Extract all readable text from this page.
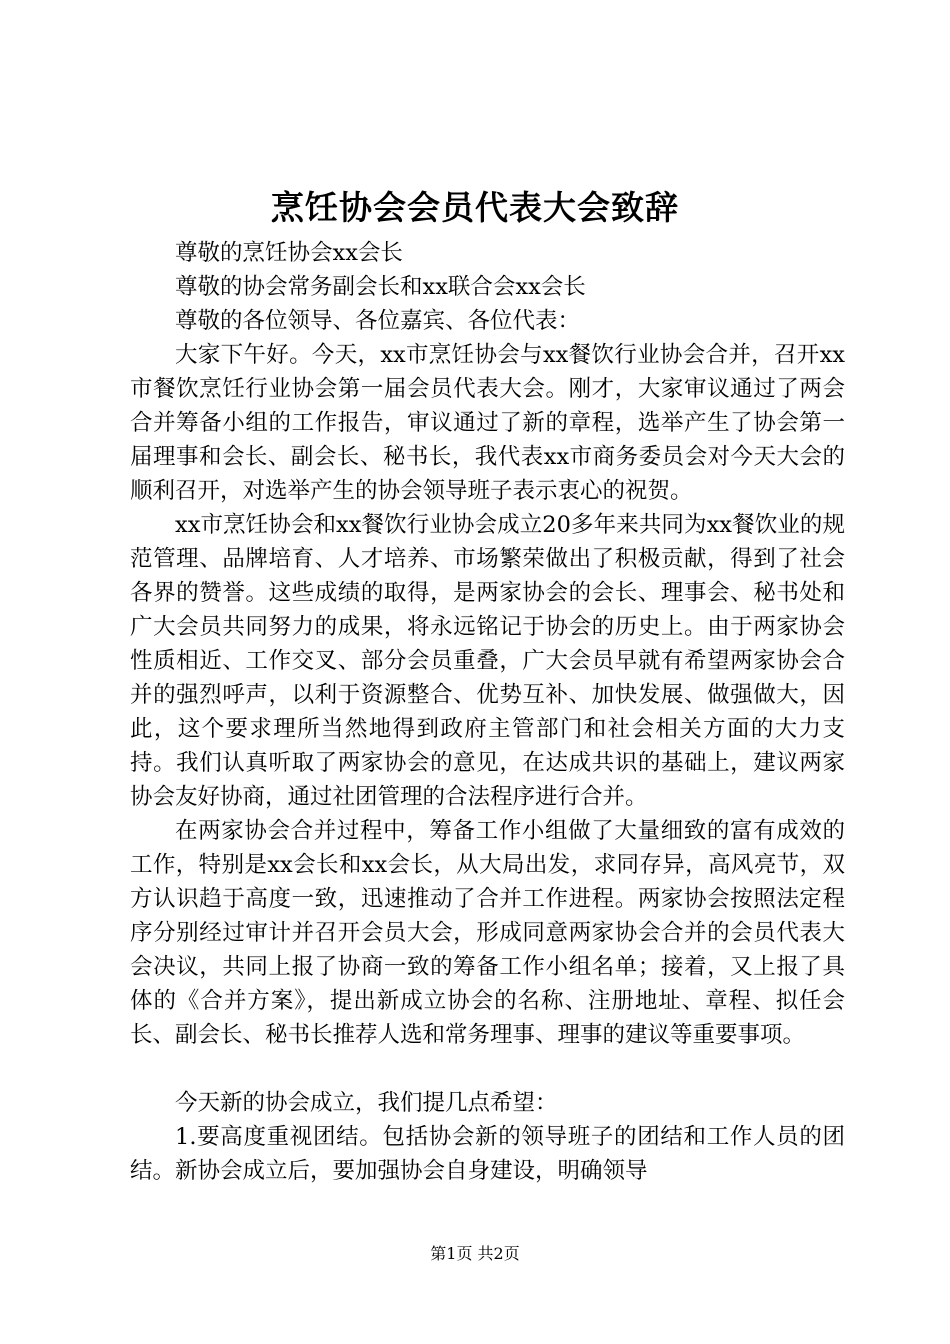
烹饪协会会员代表大会致辞

尊敬的烹饪协会xx会长

尊敬的协会常务副会长和xx联合会xx会长

尊敬的各位领导、各位嘉宾、各位代表：

大家下午好。今天，xx市烹饪协会与xx餐饮行业协会合并，召开xx市餐饮烹饪行业协会第一届会员代表大会。刚才，大家审议通过了两会合并筹备小组的工作报告，审议通过了新的章程，选举产生了协会第一届理事和会长、副会长、秘书长，我代表xx市商务委员会对今天大会的顺利召开，对选举产生的协会领导班子表示衷心的祝贺。

xx市烹饪协会和xx餐饮行业协会成立20多年来共同为xx餐饮业的规范管理、品牌培育、人才培养、市场繁荣做出了积极贡献，得到了社会各界的赞誉。这些成绩的取得，是两家协会的会长、理事会、秘书处和广大会员共同努力的成果，将永远铭记于协会的历史上。由于两家协会性质相近、工作交叉、部分会员重叠，广大会员早就有希望两家协会合并的强烈呼声，以利于资源整合、优势互补、加快发展、做强做大，因此，这个要求理所当然地得到政府主管部门和社会相关方面的大力支持。我们认真听取了两家协会的意见，在达成共识的基础上，建议两家协会友好协商，通过社团管理的合法程序进行合并。

在两家协会合并过程中，筹备工作小组做了大量细致的富有成效的工作，特别是xx会长和xx会长，从大局出发，求同存异，高风亮节，双方认识趋于高度一致，迅速推动了合并工作进程。两家协会按照法定程序分别经过审计并召开会员大会，形成同意两家协会合并的会员代表大会决议，共同上报了协商一致的筹备工作小组名单；接着，又上报了具体的《合并方案》，提出新成立协会的名称、注册地址、章程、拟任会长、副会长、秘书长推荐人选和常务理事、理事的建议等重要事项。

今天新的协会成立，我们提几点希望：

1.要高度重视团结。包括协会新的领导班子的团结和工作人员的团结。新协会成立后，要加强协会自身建设，明确领导

第1页 共2页
